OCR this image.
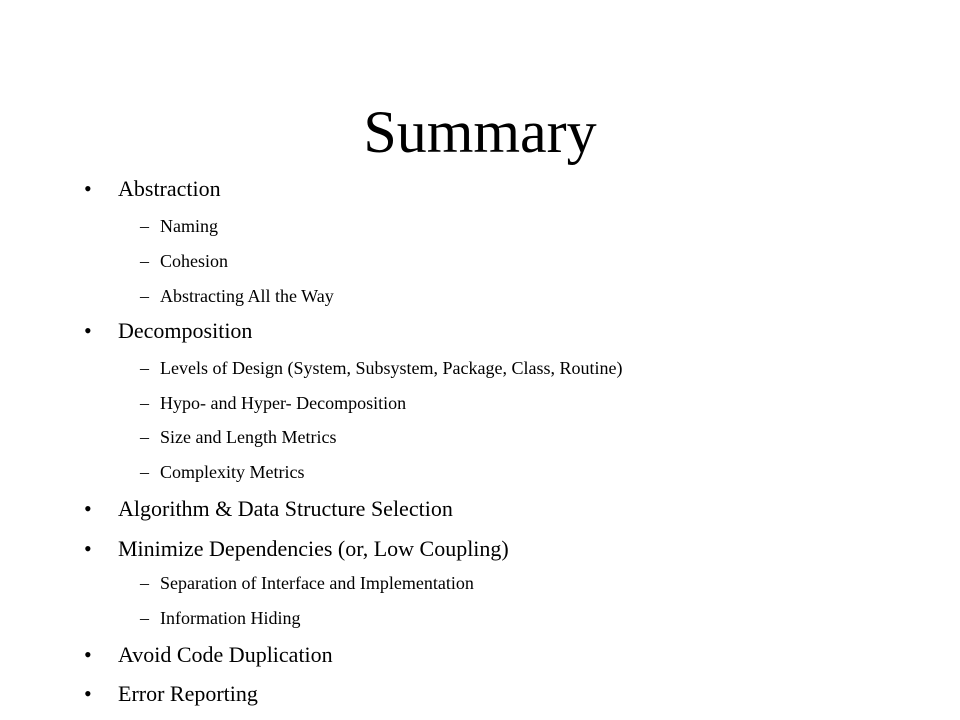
Summary
•	Abstraction
– Naming
– Cohesion
– Abstracting All the Way
•	Decomposition
– Levels of Design (System, Subsystem, Package, Class, Routine)
– Hypo- and Hyper- Decomposition
– Size and Length Metrics
– Complexity Metrics
•	Algorithm & Data Structure Selection
•	Minimize Dependencies (or, Low Coupling)
– Separation of Interface and Implementation
– Information Hiding
•	Avoid Code Duplication
•	Error Reporting
